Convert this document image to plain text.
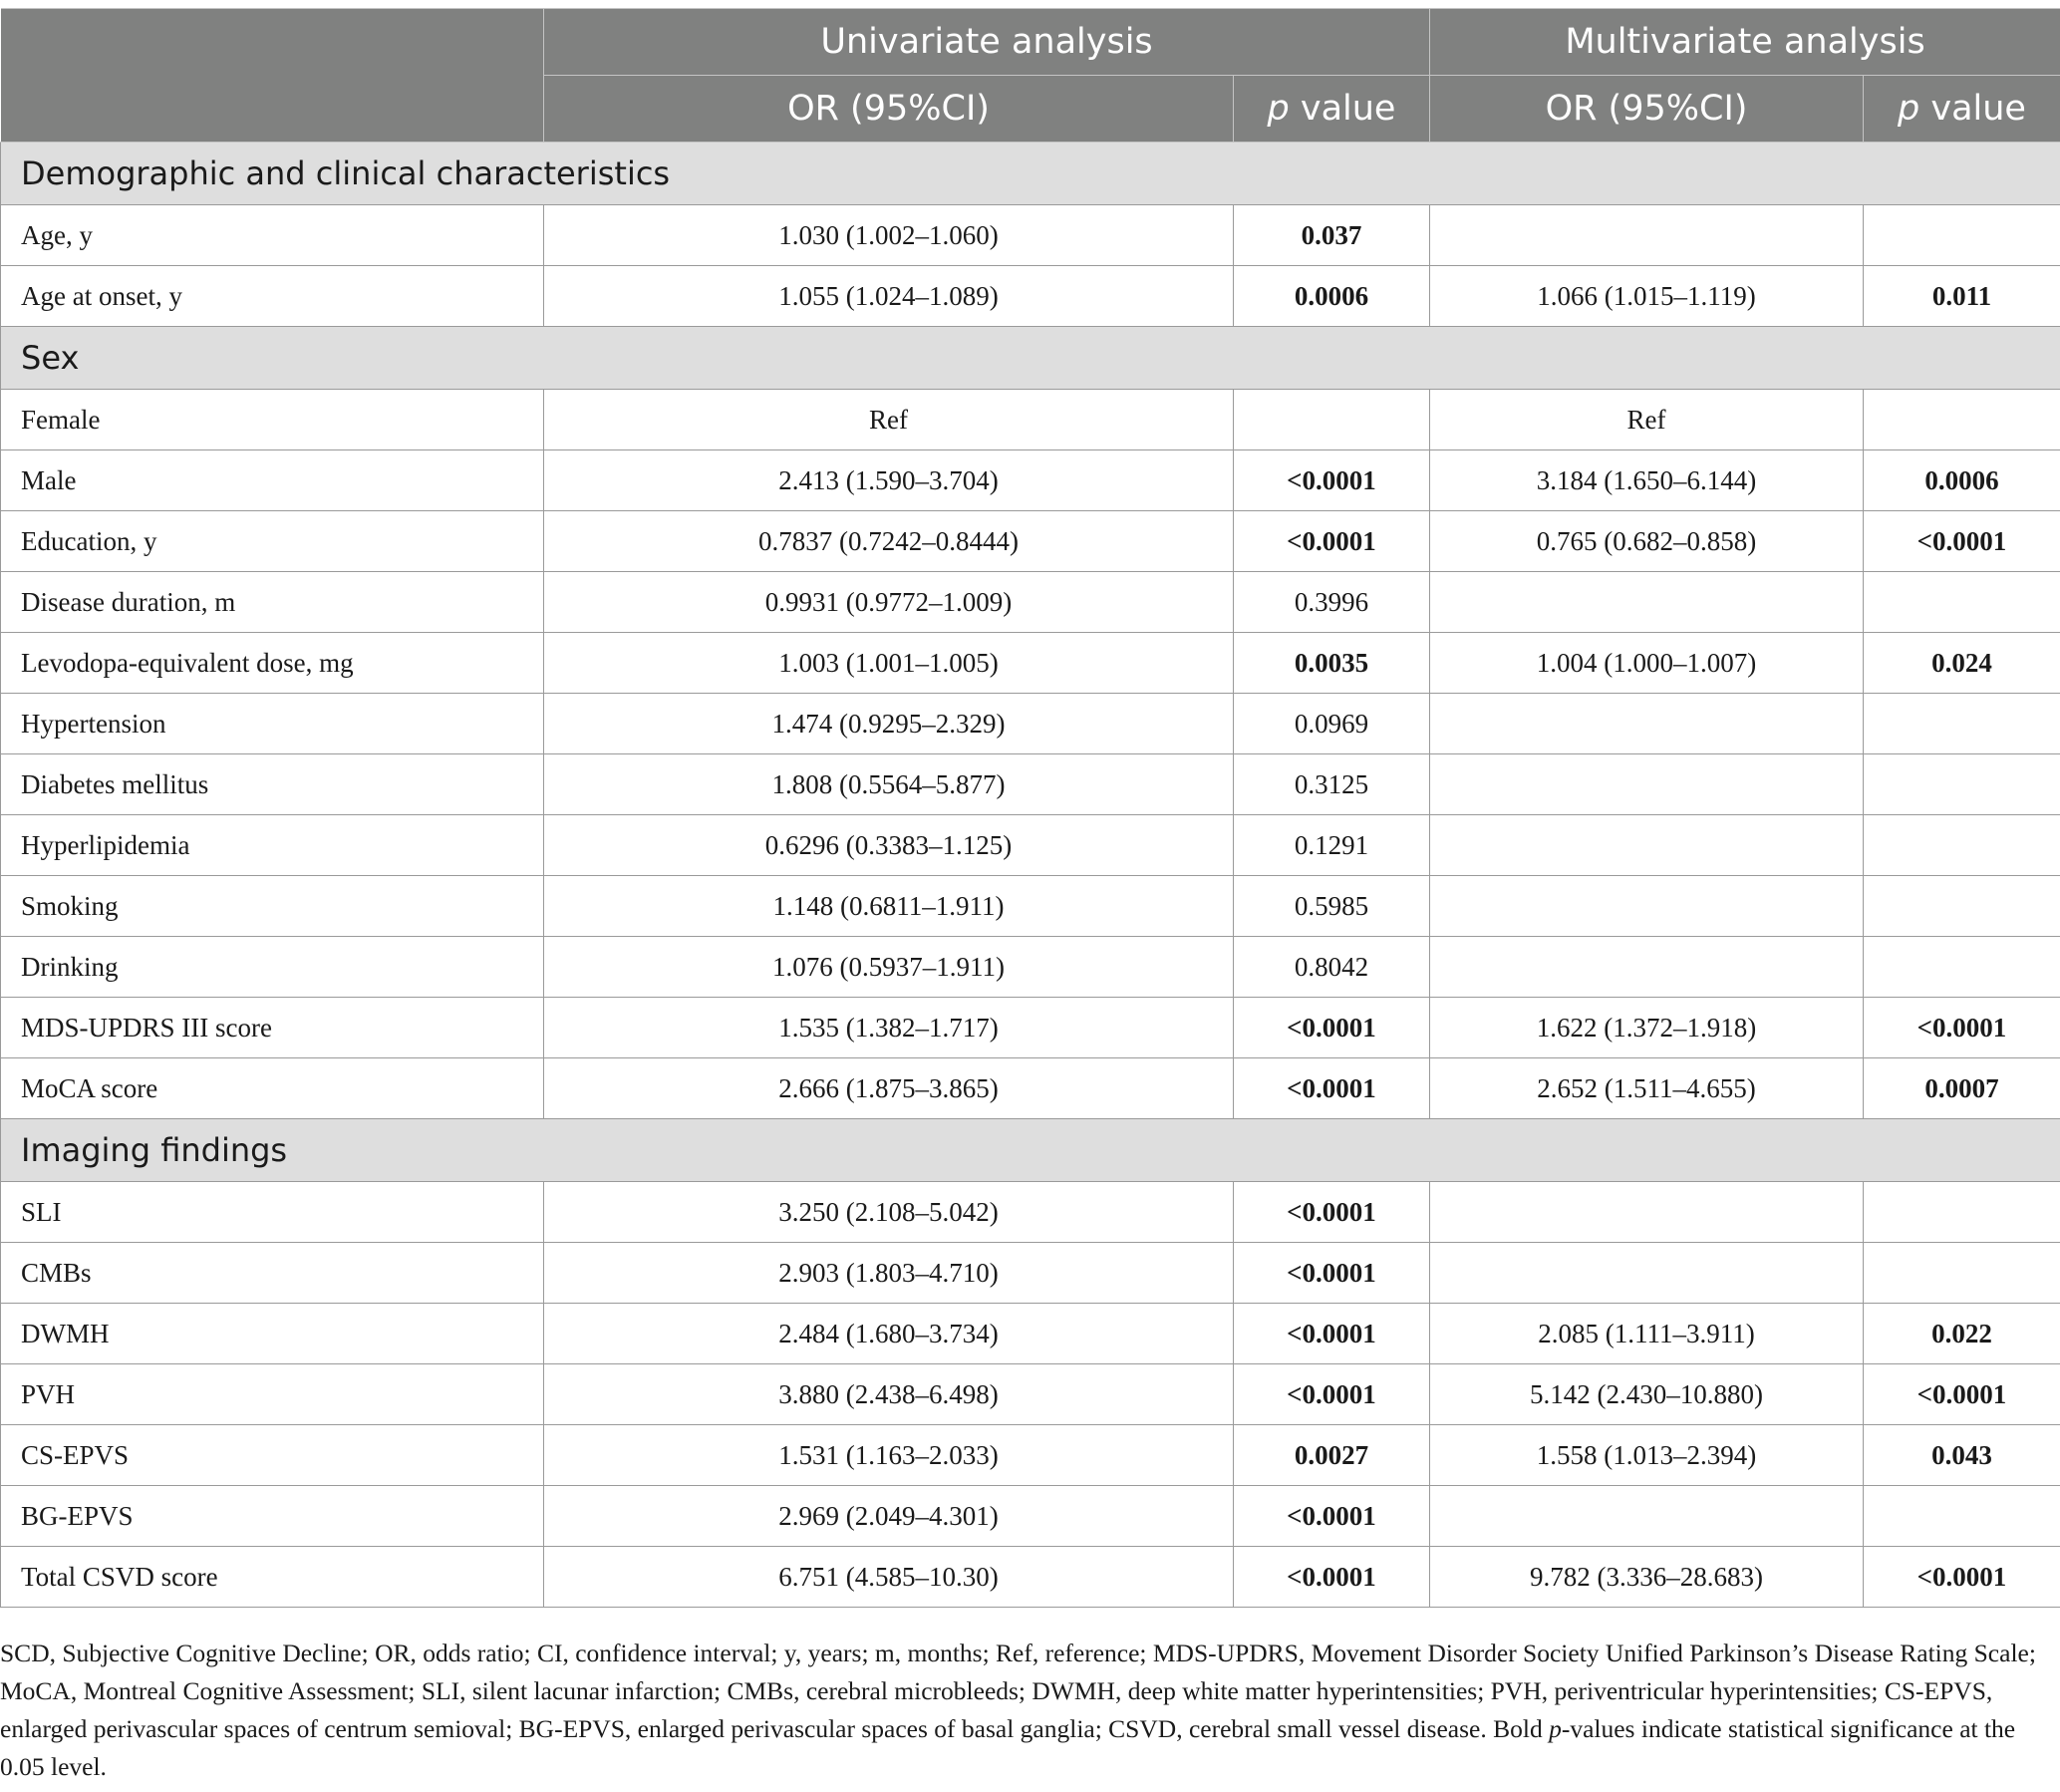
	Univariate analysis		Multivariate analysis	
	OR (95%CI)	p value	OR (95%CI)	p value
Demographic and clinical characteristics				
Age, y	1.030 (1.002–1.060)	0.037		
Age at onset, y	1.055 (1.024–1.089)	0.0006	1.066 (1.015–1.119)	0.011
Sex				
Female	Ref		Ref	
Male	2.413 (1.590–3.704)	<0.0001	3.184 (1.650–6.144)	0.0006
Education, y	0.7837 (0.7242–0.8444)	<0.0001	0.765 (0.682–0.858)	<0.0001
Disease duration, m	0.9931 (0.9772–1.009)	0.3996		
Levodopa-equivalent dose, mg	1.003 (1.001–1.005)	0.0035	1.004 (1.000–1.007)	0.024
Hypertension	1.474 (0.9295–2.329)	0.0969		
Diabetes mellitus	1.808 (0.5564–5.877)	0.3125		
Hyperlipidemia	0.6296 (0.3383–1.125)	0.1291		
Smoking	1.148 (0.6811–1.911)	0.5985		
Drinking	1.076 (0.5937–1.911)	0.8042		
MDS-UPDRS III score	1.535 (1.382–1.717)	<0.0001	1.622 (1.372–1.918)	<0.0001
MoCA score	2.666 (1.875–3.865)	<0.0001	2.652 (1.511–4.655)	0.0007
Imaging findings				
SLI	3.250 (2.108–5.042)	<0.0001		
CMBs	2.903 (1.803–4.710)	<0.0001		
DWMH	2.484 (1.680–3.734)	<0.0001	2.085 (1.111–3.911)	0.022
PVH	3.880 (2.438–6.498)	<0.0001	5.142 (2.430–10.880)	<0.0001
CS-EPVS	1.531 (1.163–2.033)	0.0027	1.558 (1.013–2.394)	0.043
BG-EPVS	2.969 (2.049–4.301)	<0.0001		
Total CSVD score	6.751 (4.585–10.30)	<0.0001	9.782 (3.336–28.683)	<0.0001
SCD, Subjective Cognitive Decline; OR, odds ratio; CI, confidence interval; y, years; m, months; Ref, reference; MDS-UPDRS, Movement Disorder Society Unified Parkinson’s Disease Rating Scale; MoCA, Montreal Cognitive Assessment; SLI, silent lacunar infarction; CMBs, cerebral microbleeds; DWMH, deep white matter hyperintensities; PVH, periventricular hyperintensities; CS-EPVS, enlarged perivascular spaces of centrum semioval; BG-EPVS, enlarged perivascular spaces of basal ganglia; CSVD, cerebral small vessel disease. Bold p-values indicate statistical significance at the 0.05 level.
